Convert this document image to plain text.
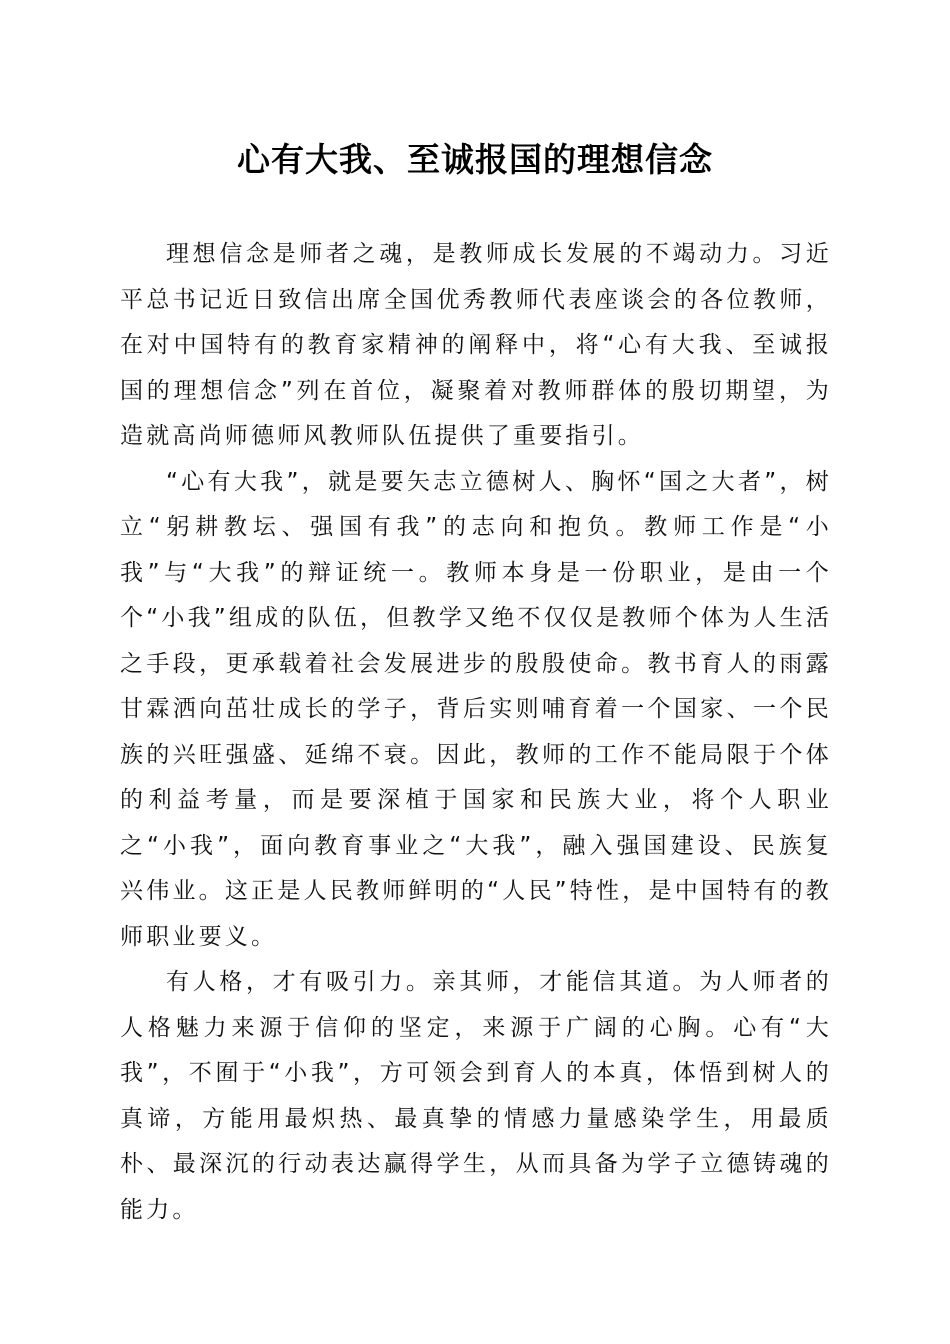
心有大我、至诚报国的理想信念

理想信念是师者之魂，是教师成长发展的不竭动力。习近平总书记近日致信出席全国优秀教师代表座谈会的各位教师，在对中国特有的教育家精神的阐释中，将“心有大我、至诚报国的理想信念”列在首位，凝聚着对教师群体的殷切期望，为造就高尚师德师风教师队伍提供了重要指引。

“心有大我”，就是要矢志立德树人、胸怀“国之大者”，树立“躬耕教坛、强国有我”的志向和抱负。教师工作是“小我”与“大我”的辩证统一。教师本身是一份职业，是由一个个“小我”组成的队伍，但教学又绝不仅仅是教师个体为人生活之手段，更承载着社会发展进步的殷殷使命。教书育人的雨露甘霖洒向茁壮成长的学子，背后实则哺育着一个国家、一个民族的兴旺强盛、延绵不衰。因此，教师的工作不能局限于个体的利益考量，而是要深植于国家和民族大业，将个人职业之“小我”，面向教育事业之“大我”，融入强国建设、民族复兴伟业。这正是人民教师鲜明的“人民”特性，是中国特有的教师职业要义。

有人格，才有吸引力。亲其师，才能信其道。为人师者的人格魅力来源于信仰的坚定，来源于广阔的心胸。心有“大我”，不囿于“小我”，方可领会到育人的本真，体悟到树人的真谛，方能用最炽热、最真挚的情感力量感染学生，用最质朴、最深沉的行动表达赢得学生，从而具备为学子立德铸魂的能力。
